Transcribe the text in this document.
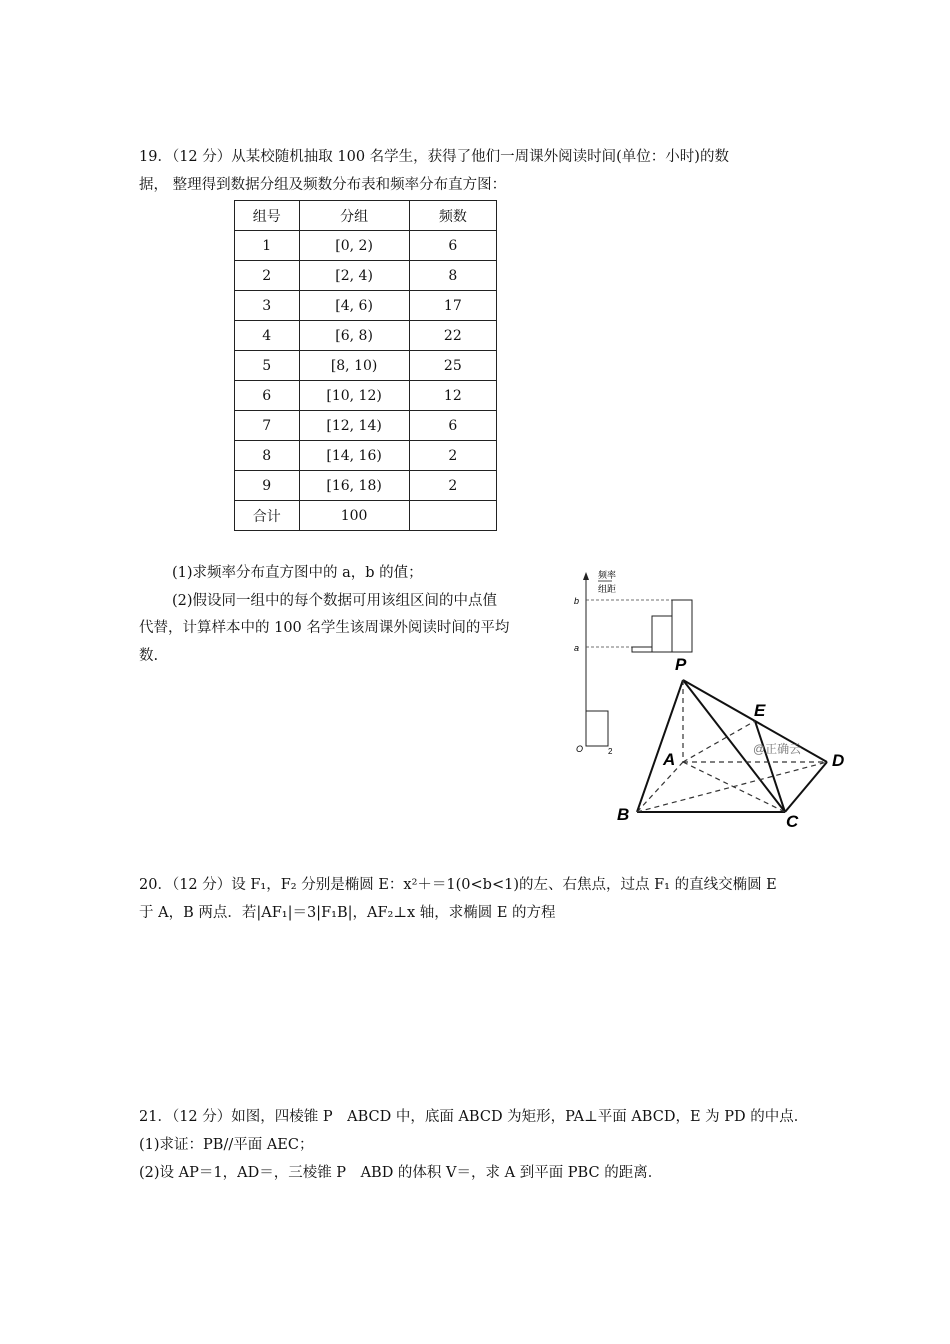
19．（12 分）从某校随机抽取 100 名学生，获得了他们一周课外阅读时间(单位：小时)的数
据， 整理得到数据分组及频数分布表和频率分布直方图：
组号	分组	频数
1	[0, 2)	6
2	[2, 4)	8
3	[4, 6)	17
4	[6, 8)	22
5	[8, 10)	25
6	[10, 12)	12
7	[12, 14)	6
8	[14, 16)	2
9	[16, 18)	2
合计	100	
(1)求频率分布直方图中的 a，b 的值；
(2)假设同一组中的每个数据可用该组区间的中点值
代替，计算样本中的 100 名学生该周课外阅读时间的平均
数.
频率
组距
b
a
O	2
P
E
A	D
B	C
@正确云
20．（12 分）设 F₁，F₂ 分别是椭圆 E：x²＋＝1(0<b<1)的左、右焦点，过点 F₁ 的直线交椭圆 E
于 A，B 两点．若|AF₁|＝3|F₁B|，AF₂⊥x 轴，求椭圆 E 的方程
21．（12 分）如图，四棱锥 P　ABCD 中，底面 ABCD 为矩形，PA⊥平面 ABCD，E 为 PD 的中点．
(1)求证：PB//平面 AEC；
(2)设 AP＝1，AD＝，三棱锥 P　ABD 的体积 V＝，求 A 到平面 PBC 的距离．
